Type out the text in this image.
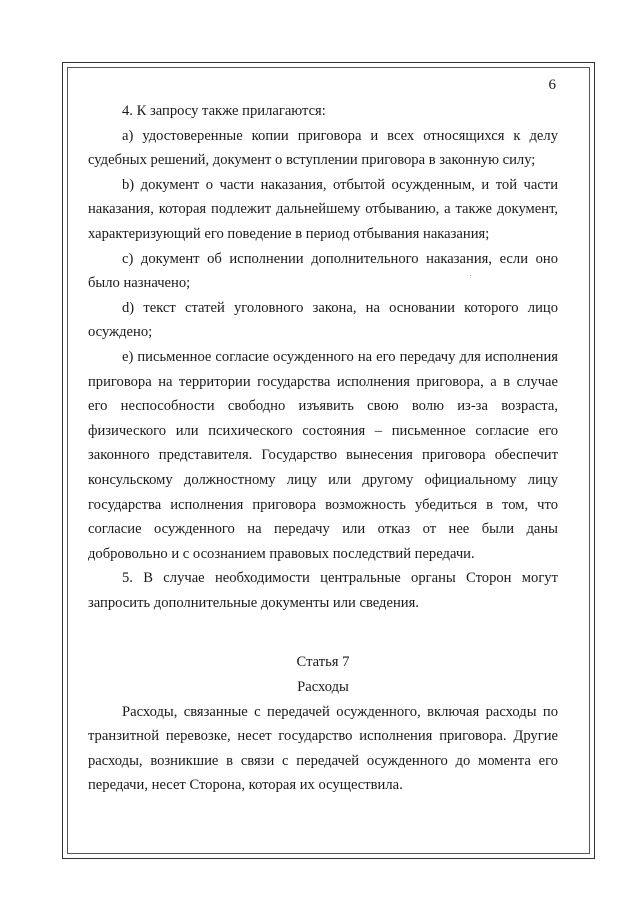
6

4. К запросу также прилагаются:

а) удостоверенные копии приговора и всех относящихся к делу судебных решений, документ о вступлении приговора в законную силу;

b) документ о части наказания, отбытой осужденным, и той части наказания, которая подлежит дальнейшему отбыванию, а также документ, характеризующий его поведение в период отбывания наказания;

с) документ об исполнении дополнительного наказания, если оно было назначено;

d) текст статей уголовного закона, на основании которого лицо осуждено;

е) письменное согласие осужденного на его передачу для исполнения приговора на территории государства исполнения приговора, а в случае его неспособности свободно изъявить свою волю из-за возраста, физического или психического состояния – письменное согласие его законного представителя. Государство вынесения приговора обеспечит консульскому должностному лицу или другому официальному лицу государства исполнения приговора возможность убедиться в том, что согласие осужденного на передачу или отказ от нее были даны добровольно и с осознанием правовых последствий передачи.

5. В случае необходимости центральные органы Сторон могут запросить дополнительные документы или сведения.

Статья 7

Расходы

Расходы, связанные с передачей осужденного, включая расходы по транзитной перевозке, несет государство исполнения приговора. Другие расходы, возникшие в связи с передачей осужденного до момента его передачи, несет Сторона, которая их осуществила.
